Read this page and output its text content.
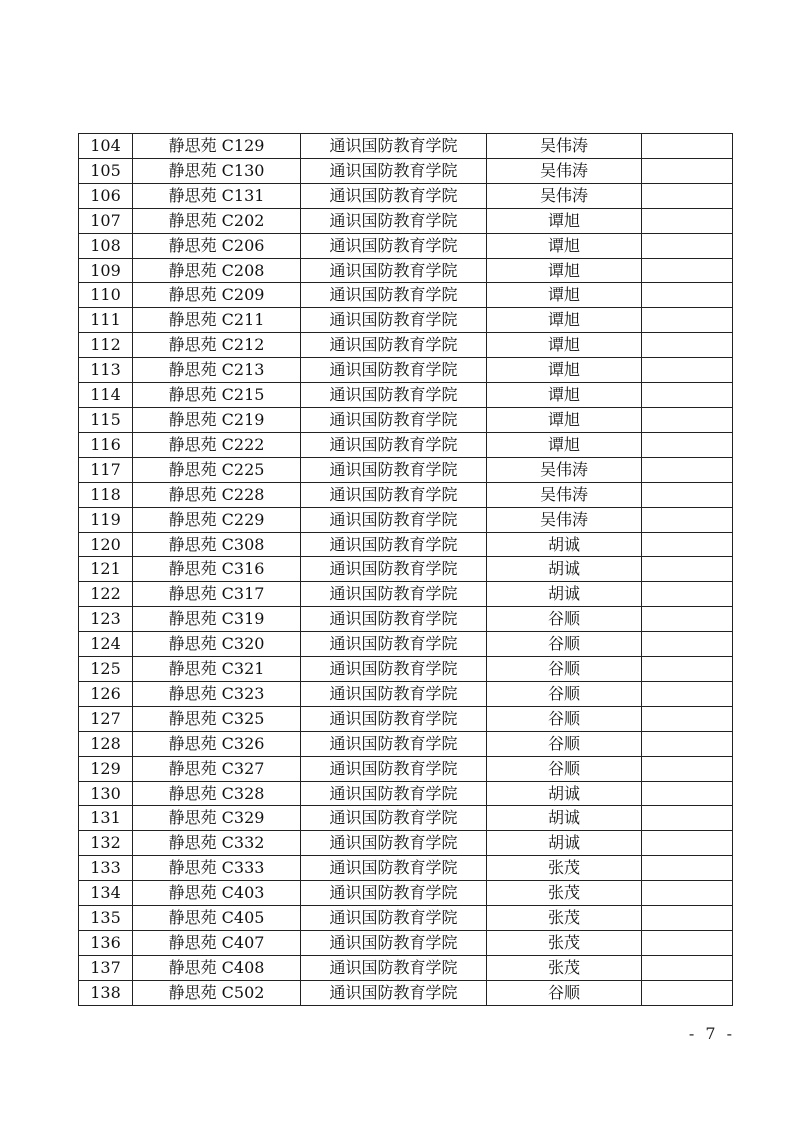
104	静思苑 C129	通识国防教育学院	吴伟涛	
105	静思苑 C130	通识国防教育学院	吴伟涛	
106	静思苑 C131	通识国防教育学院	吴伟涛	
107	静思苑 C202	通识国防教育学院	谭旭	
108	静思苑 C206	通识国防教育学院	谭旭	
109	静思苑 C208	通识国防教育学院	谭旭	
110	静思苑 C209	通识国防教育学院	谭旭	
111	静思苑 C211	通识国防教育学院	谭旭	
112	静思苑 C212	通识国防教育学院	谭旭	
113	静思苑 C213	通识国防教育学院	谭旭	
114	静思苑 C215	通识国防教育学院	谭旭	
115	静思苑 C219	通识国防教育学院	谭旭	
116	静思苑 C222	通识国防教育学院	谭旭	
117	静思苑 C225	通识国防教育学院	吴伟涛	
118	静思苑 C228	通识国防教育学院	吴伟涛	
119	静思苑 C229	通识国防教育学院	吴伟涛	
120	静思苑 C308	通识国防教育学院	胡诚	
121	静思苑 C316	通识国防教育学院	胡诚	
122	静思苑 C317	通识国防教育学院	胡诚	
123	静思苑 C319	通识国防教育学院	谷顺	
124	静思苑 C320	通识国防教育学院	谷顺	
125	静思苑 C321	通识国防教育学院	谷顺	
126	静思苑 C323	通识国防教育学院	谷顺	
127	静思苑 C325	通识国防教育学院	谷顺	
128	静思苑 C326	通识国防教育学院	谷顺	
129	静思苑 C327	通识国防教育学院	谷顺	
130	静思苑 C328	通识国防教育学院	胡诚	
131	静思苑 C329	通识国防教育学院	胡诚	
132	静思苑 C332	通识国防教育学院	胡诚	
133	静思苑 C333	通识国防教育学院	张茂	
134	静思苑 C403	通识国防教育学院	张茂	
135	静思苑 C405	通识国防教育学院	张茂	
136	静思苑 C407	通识国防教育学院	张茂	
137	静思苑 C408	通识国防教育学院	张茂	
138	静思苑 C502	通识国防教育学院	谷顺	
- 7 -
